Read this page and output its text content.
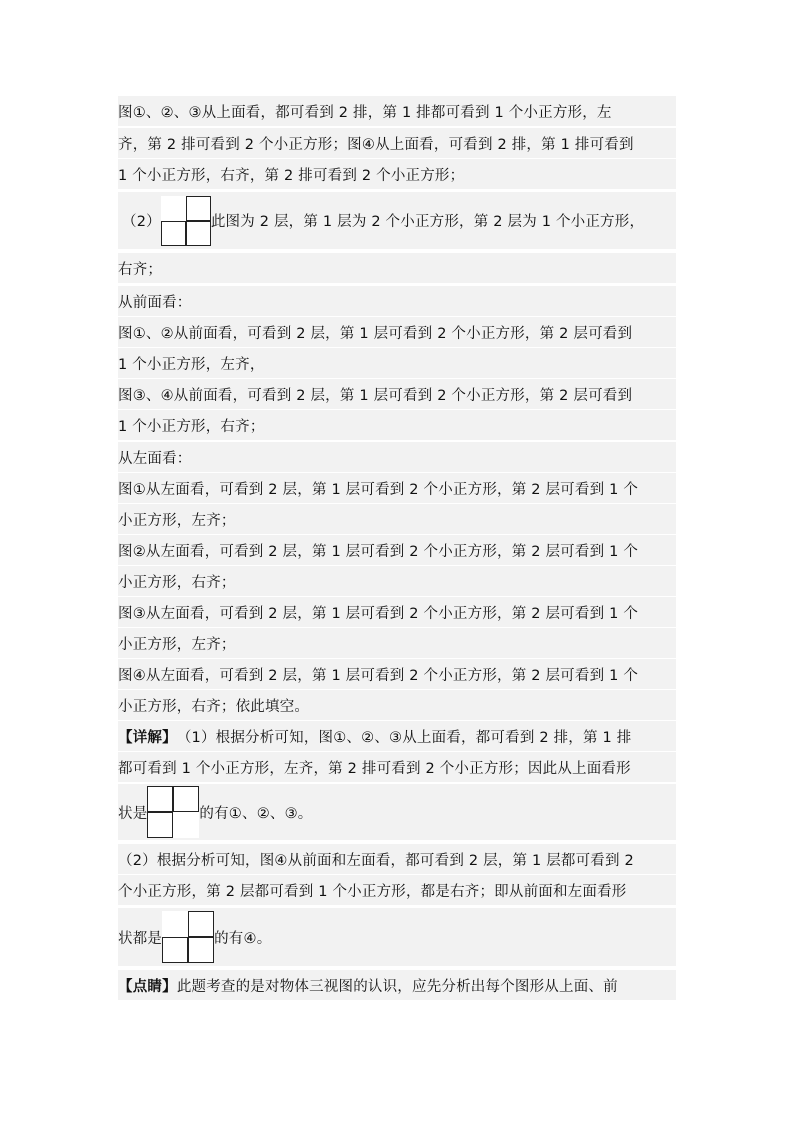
图①、②、③从上面看，都可看到 2 排，第 1 排都可看到 1 个小正方形，左
齐，第 2 排可看到 2 个小正方形；图④从上面看，可看到 2 排，第 1 排可看到
1 个小正方形，右齐，第 2 排可看到 2 个小正方形；
（2）	此图为 2 层，第 1 层为 2 个小正方形，第 2 层为 1 个小正方形，
右齐；
从前面看：
图①、②从前面看，可看到 2 层，第 1 层可看到 2 个小正方形，第 2 层可看到
1 个小正方形，左齐，
图③、④从前面看，可看到 2 层，第 1 层可看到 2 个小正方形，第 2 层可看到
1 个小正方形，右齐；
从左面看：
图①从左面看，可看到 2 层，第 1 层可看到 2 个小正方形，第 2 层可看到 1 个
小正方形，左齐；
图②从左面看，可看到 2 层，第 1 层可看到 2 个小正方形，第 2 层可看到 1 个
小正方形，右齐；
图③从左面看，可看到 2 层，第 1 层可看到 2 个小正方形，第 2 层可看到 1 个
小正方形，左齐；
图④从左面看，可看到 2 层，第 1 层可看到 2 个小正方形，第 2 层可看到 1 个
小正方形，右齐；依此填空。
【详解】 （1）根据分析可知，图①、②、③从上面看，都可看到 2 排，第 1 排
都可看到 1 个小正方形，左齐，第 2 排可看到 2 个小正方形；因此从上面看形
状是	的有①、②、③。
（2）根据分析可知，图④从前面和左面看，都可看到 2 层，第 1 层都可看到 2
个小正方形，第 2 层都可看到 1 个小正方形，都是右齐；即从前面和左面看形
状都是	的有④。
【点睛】 此题考查的是对物体三视图的认识，应先分析出每个图形从上面、前
